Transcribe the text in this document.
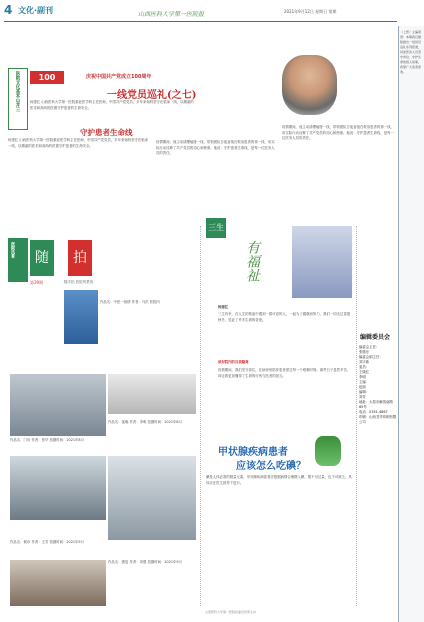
4 文化·副刊	山西医科大学第一医院报	2021年9月12日 星期日 第期
医院文化基本山井三	100	庆祝中国共产党成立100周年
一线党员巡礼(之七)
杨建红 山西医科大学第一医院重症医学科主任医师，中国共产党党员，多年来始终坚守在临床一线，以精湛的医术和高尚的医德守护患者的生命安全。
守护患者生命线
杨建红 山西医科大学第一医院重症医学科主任医师，中国共产党党员，多年来始终坚守在临床一线，以精湛的医术和高尚的医德守护患者的生命安全。
疫情期间，他主动请缨驰援一线，带领团队日夜奋战在救治患者的第一线，用实际行动诠释了共产党员的初心和使命。他说：守护患者生命线，是每一位医务人员的责任。
疫情期间，他主动请缨驰援一线，带领团队日夜奋战在救治患者的第一线，用实际行动诠释了共产党员的初心和使命。他说：守护患者生命线，是每一位医务人员的责任。
医院风景	随	拍
第39期	随手拍 医院风景线
作品名：中医一抹情 作者：马洪 医院内
作品名：门诊 作者：张华 拍摄时间：2021年8月
作品名：夜晚 作者：李明 拍摄时间：2021年8月
作品名：候诊 作者：王芳 拍摄时间：2021年9月
作品名：康复 作者：刘强 拍摄时间：2021年9月
三生
有福祉
杨建红
三生有幸，在人生的旅途中遇到一群可爱的人，一起为了健康而努力，我们一同走过春夏秋冬，见证了许多生命的奇迹。
谈封院内的自我隔离
疫情期间，我们坚守岗位，在病房里陪伴患者度过每一个艰难时刻。那些日子虽然辛苦，却让我更加懂得了生命的可贵与医者的担当。
甲状腺疾病患者
应该怎么吃碘？
碘是人体必需的微量元素，甲状腺疾病患者应根据病情合理摄入碘，既不可过量，也不可缺乏，具体应在医生指导下进行。
编辑委员会
编委会主任：
张继东
编委会副主任：
刘宇新
委员：
王晓红
李明
主编：
赵丽
编辑：
刘芳
地址：太原市解放南路85号
电话：0351-4867
印刷：山西龙华印刷有限公司
《上医》主编寄语：本期我们继续推出一线党员巡礼系列报道，讲述医务人员坚守岗位、守护生命的感人故事，希望广大读者喜欢。
山西医科大学第一医院党委宣传部主办
